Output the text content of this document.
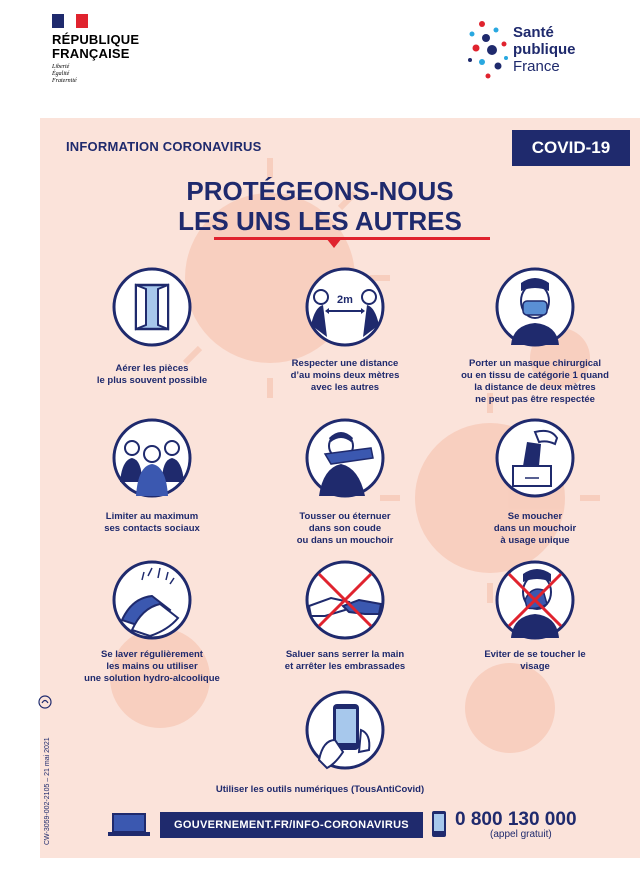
RÉPUBLIQUE
FRANÇAISE
Liberté
Égalité
Fraternité
Santé
publique
France
INFORMATION CORONAVIRUS	COVID-19
PROTÉGEONS-NOUS
LES UNS LES AUTRES
Aérer les pièces
le plus souvent possible
2m
Respecter une distance
d’au moins deux mètres
avec les autres
Porter un masque chirurgical
ou en tissu de catégorie 1 quand
la distance de deux mètres
ne peut pas être respectée
Limiter au maximum
ses contacts sociaux
Tousser ou éternuer
dans son coude
ou dans un mouchoir
Se moucher
dans un mouchoir
à usage unique
Se laver régulièrement
les mains ou utiliser
une solution hydro-alcoolique
Saluer sans serrer la main
et arrêter les embrassades
Eviter de se toucher le
visage
Utiliser les outils numériques (TousAntiCovid)
GOUVERNEMENT.FR/INFO-CORONAVIRUS	0 800 130 000
(appel gratuit)
CW-3059-002-2105 – 21 mai 2021
